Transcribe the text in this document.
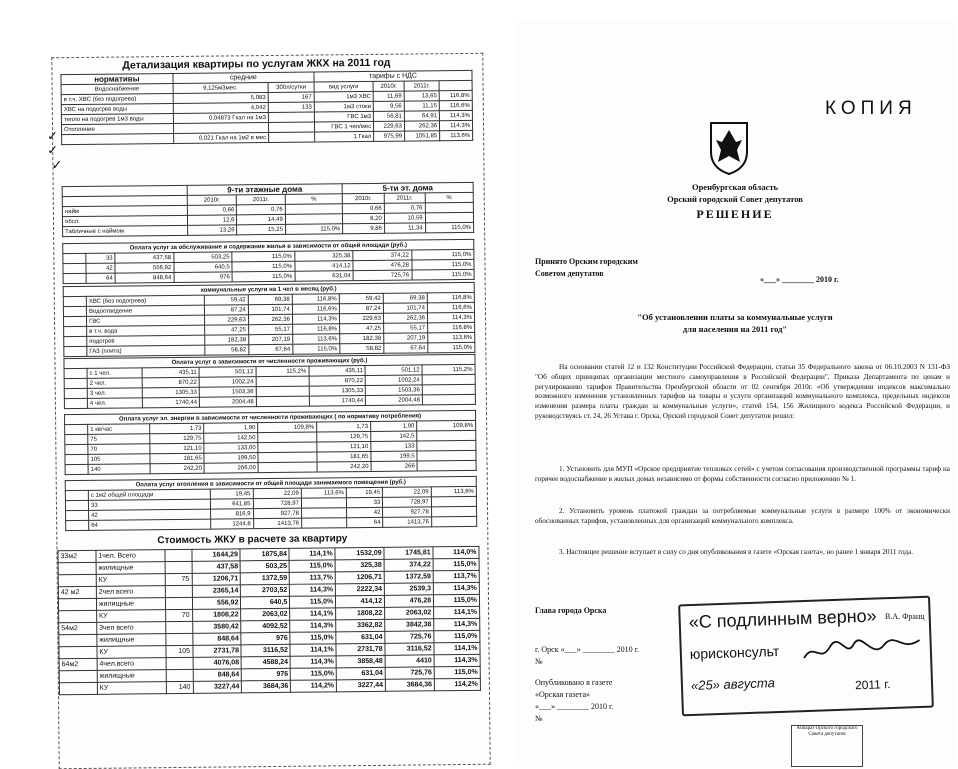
Детализация квартиры по услугам ЖКХ на 2011 год
нормативы	средние		тарифы с НДС			
Водоснабжение	9,125м3мес.	300л/сутки	вид услуги	2010г.	2011г.	
в т.ч. ХВС (без подогрева)	5,083	167	1м3 ХВС	11,69	13,65	116,8%
ХВС на подогрев воды	4,042	133	1м3 стоки	9,56	11,15	116,6%
тепло на подогрев 1м3 воды	0,04873 Гкал на 1м3		ГВС 1м3	56,81	64,91	114,3%
Отопление			ГВС 1 чел/мес	229,63	262,36	114,3%
	0,021 Гкал на 1м2 в мес		1 Гкал	975,99	1051,85	113,6%
✓
✓
✓
	9-ти этажные дома			5-ти эт. дома		
	2010г.	2011г.	%	2010г.	2011г.	%
найм	0,66	0,76		0,66	0,76	
обсл.	12,6	14,49		8,20	10,59	
Табличные с наймом	13,26	15,25	115,0%	9,86	11,34	115,0%
Оплата услуг за обслуживание и содержание жилья в зависимости от общей площади (руб.)							
	33	437,58	503,25	115,0%	325,38	374,22	115,0%
	42	556,92	640,5	115,0%	414,12	476,28	115,0%
	64	848,64	976	115,0%	631,04	725,76	115,0%
коммунальные услуги на 1 чел в месяц (руб.)							
	ХВС (без подогрева)	59,42	69,38	116,8%	59,42	69,38	116,8%
	Водоотведение	87,24	101,74	116,6%	87,24	101,74	116,6%
	ГВС	229,63	262,36	114,3%	229,63	262,36	114,3%
	в т.ч. вода	47,25	55,17	116,8%	47,25	55,17	116,8%
	подогрев	182,38	207,19	113,6%	182,38	207,19	113,6%
	ГАЗ (плита)	58,82	67,64	115,0%	58,82	67,64	115,0%
Оплата услуг в зависимости от численности проживающих (руб.)							
	с 1 чел.	435,11	501,12	115,2%	435,11	501,12	115,2%
	2 чел.	870,22	1002,24		870,22	1002,24	
	3 чел.	1305,33	1503,36		1305,33	1503,36	
	4 чел.	1740,44	2004,48		1740,44	2004,48	
Оплата услуг эл. энергии в зависимости от численности проживающих ( по нормативу потребления)							
	1 кв/час	1,73	1,90	109,8%	1,73	1,90	109,8%
	75	129,75	142,50		129,75	142,5	
	70	121,10	133,00		121,10	133	
	105	181,65	199,50		181,65	199,5	
	140	242,20	266,00		242,20	266	
Оплата услуг отопления в зависимости от общей площади занимаемого помещения (руб.)							
	с 1м2 общей площади	19,45	22,09	113,6%	19,45	22,09	113,6%
	33	641,85	728,97		33	728,97	
	42	816,9	927,78		42	927,78	
	64	1244,8	1413,76		64	1413,76	
Стоимость ЖКУ в расчете за квартиру
33м2	1чел. Всего		1644,29	1875,84	114,1%	1532,09	1745,81	114,0%
	жилищные		437,58	503,25	115,0%	325,38	374,22	115,0%
	КУ	75	1206,71	1372,59	113,7%	1206,71	1372,59	113,7%
42 м2	2чел всего		2365,14	2703,52	114,3%	2222,34	2539,3	114,3%
	жилищные		556,92	640,5	115,0%	414,12	476,28	115,0%
	КУ	70	1808,22	2063,02	114,1%	1808,22	2063,02	114,1%
54м2	3чел всего		3580,42	4092,52	114,3%	3362,82	3842,38	114,3%
	жилищные		848,64	976	115,0%	631,04	725,76	115,0%
	КУ	105	2731,78	3116,52	114,1%	2731,78	3116,52	114,1%
64м2	4чел.всего		4076,08	4588,24	114,3%	3858,48	4410	114,3%
	жилищные		848,64	976	115,0%	631,04	725,76	115,0%
	КУ	140	3227,44	3684,36	114,2%	3227,44	3684,36	114,2%
КОПИЯ
Оренбургская область
Орский городской Совет депутатов
РЕШЕНИЕ
Принято Орским городским
Советом депутатов
«___» ________ 2010 г.
"Об установлении платы за коммунальные услуги
для населения на 2011 год"
На основании статей 12 и 132 Конституции Российской Федерации, статьи 35 Федерального закона от 06.10.2003 N 131-ФЗ "Об общих принципах организации местного самоуправления в Российской Федерации", Приказа Департамента по ценам и регулированию тарифов Правительства Оренбургской области от 02 сентября 2010г. «Об утверждении индексов максимально возможного изменения установленных тарифов на товары и услуги организаций коммунального комплекса, предельных индексов изменения размера платы граждан за коммунальные услуги», статей 154, 156 Жилищного кодекса Российской Федерации, и руководствуясь ст. 24, 26 Устава г. Орска, Орский городской Совет депутатов решил:
1. Установить для МУП «Орское предприятие тепловых сетей» с учетом согласования производственной программы тариф на горячее водоснабжение в жилых домах независимо от формы собственности согласно приложению № 1.
2. Установить уровень платежей граждан за потребляемые коммунальные услуги в размере 100% от экономически обоснованных тарифов, установленных для организаций коммунального комплекса.
3. Настоящее решение вступает в силу со дня опубликования в газете «Орская газета», но ранее 1 января 2011 года.
Глава города Орска
В.А. Франц
г. Орск «___» ________ 2010 г.
№
Опубликовано в газете
«Орская газета»
«___» ________ 2010 г.
№
«С подлинным верно»
юрисконсульт
«25» августа	2011 г.
Аппарат Орского городского Совета депутатов
